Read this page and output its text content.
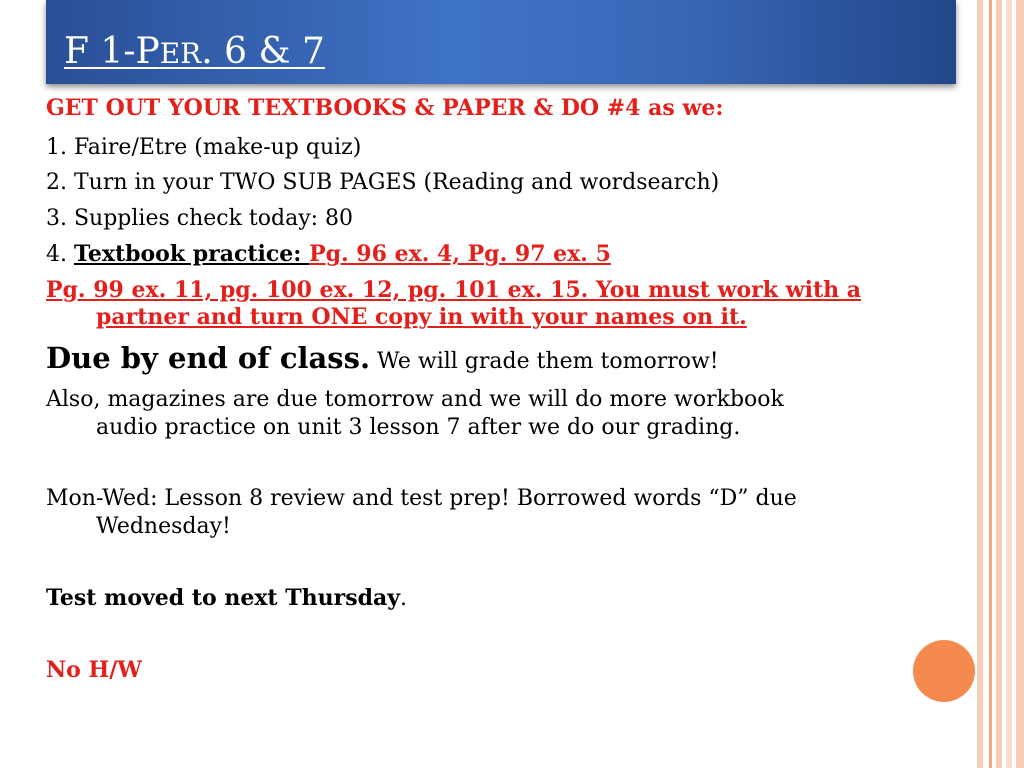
F 1-PER. 6 & 7
GET OUT YOUR TEXTBOOKS & PAPER & DO #4 as we:
1. Faire/Etre (make-up quiz)
2. Turn in your TWO SUB PAGES (Reading and wordsearch)
3. Supplies check today: 80
4. Textbook practice: Pg. 96 ex. 4, Pg. 97 ex. 5
Pg. 99 ex. 11, pg. 100 ex. 12, pg. 101 ex. 15. You must work with a
partner and turn ONE copy in with your names on it.
Due by end of class. We will grade them tomorrow!
Also, magazines are due tomorrow and we will do more workbook
audio practice on unit 3 lesson 7 after we do our grading.
Mon-Wed: Lesson 8 review and test prep! Borrowed words “D” due
Wednesday!
Test moved to next Thursday.
No H/W
